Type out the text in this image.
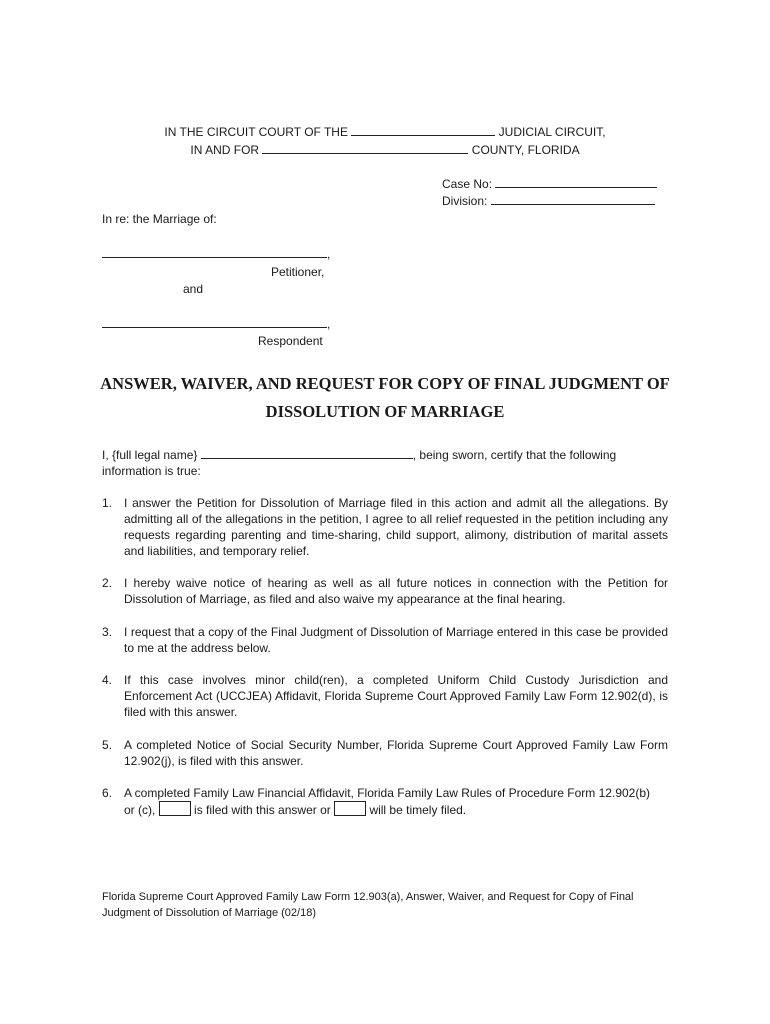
IN THE CIRCUIT COURT OF THE	JUDICIAL CIRCUIT,
IN AND FOR	COUNTY, FLORIDA
Case No:
Division:
In re: the Marriage of:
,
Petitioner,
and
,
Respondent
ANSWER, WAIVER, AND REQUEST FOR COPY OF FINAL JUDGMENT OF
DISSOLUTION OF MARRIAGE
I, {full legal name}	, being sworn, certify that the following
information is true:
1. I answer the Petition for Dissolution of Marriage filed in this action and admit all the allegations. By admitting all of the allegations in the petition, I agree to all relief requested in the petition including any requests regarding parenting and time-sharing, child support, alimony, distribution of marital assets and liabilities, and temporary relief.
2. I hereby waive notice of hearing as well as all future notices in connection with the Petition for Dissolution of Marriage, as filed and also waive my appearance at the final hearing.
3. I request that a copy of the Final Judgment of Dissolution of Marriage entered in this case be provided to me at the address below.
4. If this case involves minor child(ren), a completed Uniform Child Custody Jurisdiction and Enforcement Act (UCCJEA) Affidavit, Florida Supreme Court Approved Family Law Form 12.902(d), is filed with this answer.
5. A completed Notice of Social Security Number, Florida Supreme Court Approved Family Law Form 12.902(j), is filed with this answer.
6. A completed Family Law Financial Affidavit, Florida Family Law Rules of Procedure Form 12.902(b)
or (c),	is filed with this answer or	will be timely filed.
Florida Supreme Court Approved Family Law Form 12.903(a), Answer, Waiver, and Request for Copy of Final Judgment of Dissolution of Marriage (02/18)
